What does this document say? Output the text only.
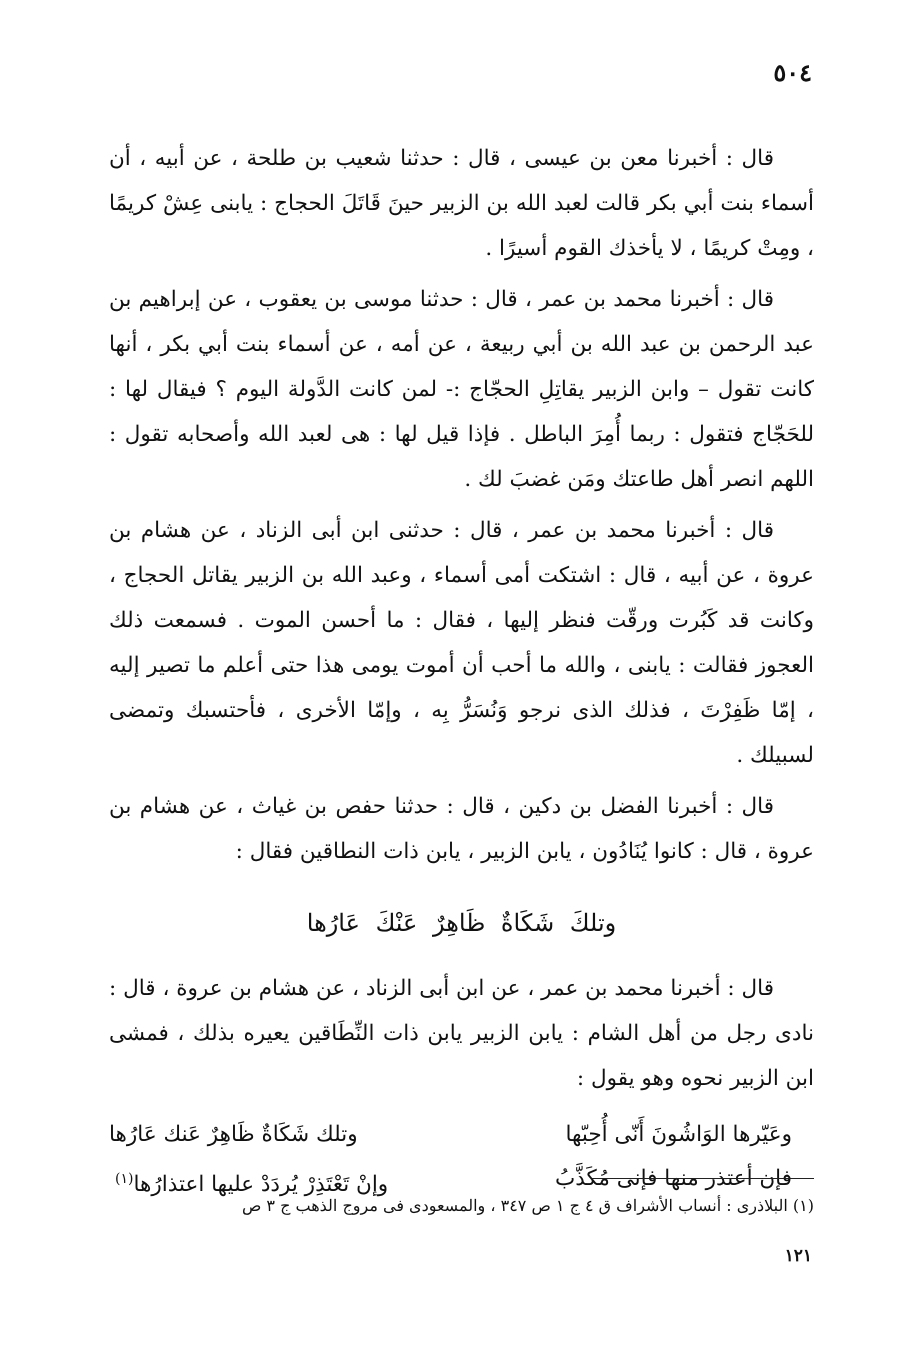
٥٠٤

قال : أخبرنا معن بن عيسى ، قال : حدثنا شعيب بن طلحة ، عن أبيه ، أن أسماء بنت أبي بكر قالت لعبد الله بن الزبير حينَ قَاتَلَ الحجاج : يابنى عِشْ كريمًا ، ومِتْ كريمًا ، لا يأخذك القوم أسيرًا .

قال : أخبرنا محمد بن عمر ، قال : حدثنا موسى بن يعقوب ، عن إبراهيم بن عبد الرحمن بن عبد الله بن أبي ربيعة ، عن أمه ، عن أسماء بنت أبي بكر ، أنها كانت تقول – وابن الزبير يقاتِلِ الحجّاج :- لمن كانت الدَّولة اليوم ؟ فيقال لها : للحَجّاج فتقول : ربما أُمِرَ الباطل . فإذا قيل لها : هى لعبد الله وأصحابه تقول : اللهم انصر أهل طاعتك ومَن غضبَ لك .

قال : أخبرنا محمد بن عمر ، قال : حدثنى ابن أبى الزناد ، عن هشام بن عروة ، عن أبيه ، قال : اشتكت أمى أسماء ، وعبد الله بن الزبير يقاتل الحجاج ، وكانت قد كَبُرت ورقّت فنظر إليها ، فقال : ما أحسن الموت . فسمعت ذلك العجوز فقالت : يابنى ، والله ما أحب أن أموت يومى هذا حتى أعلم ما تصير إليه ، إمّا ظَفِرْتَ ، فذلك الذى نرجو وَنُسَرُّ بِه ، وإمّا الأخرى ، فأحتسبك وتمضى لسبيلك .

قال : أخبرنا الفضل بن دكين ، قال : حدثنا حفص بن غياث ، عن هشام بن عروة ، قال : كانوا يُنَادُون ، يابن الزبير ، يابن ذات النطاقين فقال :

وتلكَ شَكَاةٌ ظَاهِرٌ عَنْكَ عَارُها

قال : أخبرنا محمد بن عمر ، عن ابن أبى الزناد ، عن هشام بن عروة ، قال : نادى رجل من أهل الشام : يابن الزبير يابن ذات النِّطَاقين يعيره بذلك ، فمشى ابن الزبير نحوه وهو يقول :

وعَيّرها الوَاشُونَ أَنّى أُحِبّها
وتلك شَكَاةٌ ظَاهِرٌ عَنك عَارُها
فإن أعتذر منها فإنى مُكَذَّبُ
وإنْ تَعْتَذِرْ يُردَدْ عليها اعتذارُها$^{(١)}$
(١) البلاذرى : أنساب الأشراف ق ٤ ج ١ ص ٣٤٧ ، والمسعودى فى مروج الذهب ج ٣ ص
١٢١
